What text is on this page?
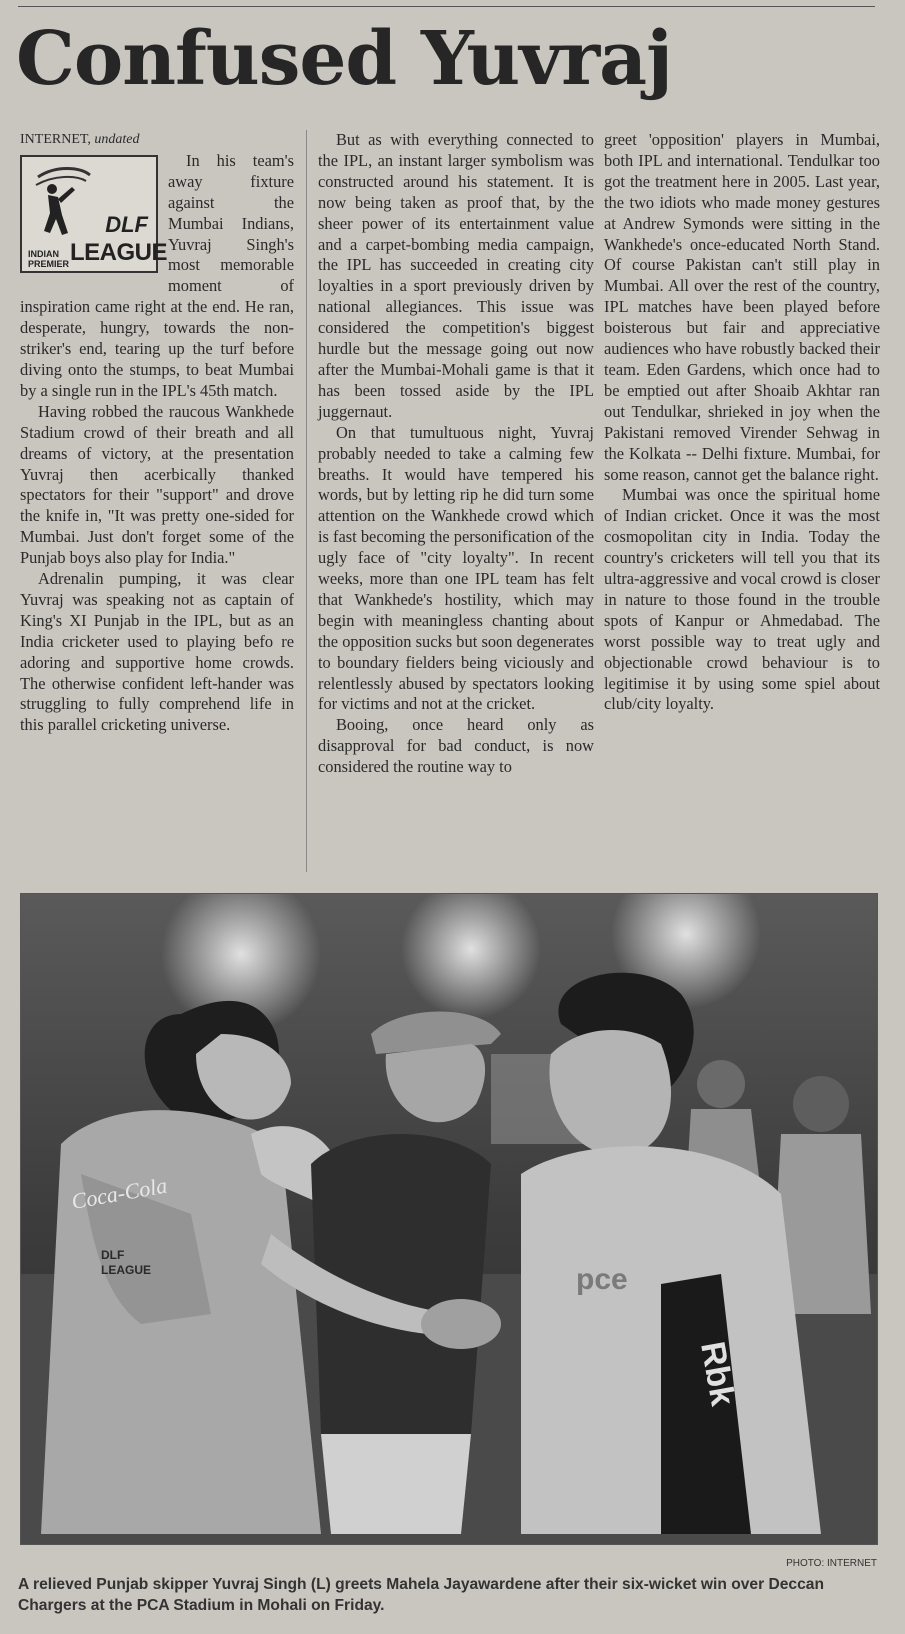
Confused Yuvraj

INTERNET, undated

DLF
INDIAN
PREMIER LEAGUE

In his team's away fixture against the Mumbai Indians, Yuvraj Singh's most memorable moment of inspiration came right at the end. He ran, desperate, hungry, towards the non-striker's end, tearing up the turf before diving onto the stumps, to beat Mumbai by a single run in the IPL's 45th match.

Having robbed the raucous Wankhede Stadium crowd of their breath and all dreams of victory, at the presentation Yuvraj then acerbically thanked spectators for their "support" and drove the knife in, "It was pretty one-sided for Mumbai. Just don't forget some of the Punjab boys also play for India."

Adrenalin pumping, it was clear Yuvraj was speaking not as captain of King's XI Punjab in the IPL, but as an India cricketer used to playing befo re adoring and supportive home crowds. The otherwise confident left-hander was struggling to fully comprehend life in this parallel cricketing universe.

But as with everything connected to the IPL, an instant larger symbolism was constructed around his statement. It is now being taken as proof that, by the sheer power of its entertainment value and a carpet-bombing media campaign, the IPL has succeeded in creating city loyalties in a sport previously driven by national allegiances. This issue was considered the competition's biggest hurdle but the message going out now after the Mumbai-Mohali game is that it has been tossed aside by the IPL juggernaut.

On that tumultuous night, Yuvraj probably needed to take a calming few breaths. It would have tempered his words, but by letting rip he did turn some attention on the Wankhede crowd which is fast becoming the personification of the ugly face of "city loyalty". In recent weeks, more than one IPL team has felt that Wankhede's hostility, which may begin with meaningless chanting about the opposition sucks but soon degenerates to boundary fielders being viciously and relentlessly abused by spectators looking for victims and not at the cricket.

Booing, once heard only as disapproval for bad conduct, is now considered the routine way to

greet 'opposition' players in Mumbai, both IPL and international. Tendulkar too got the treatment here in 2005. Last year, the two idiots who made money gestures at Andrew Symonds were sitting in the Wankhede's once-educated North Stand. Of course Pakistan can't still play in Mumbai. All over the rest of the country, IPL matches have been played before boisterous but fair and appreciative audiences who have robustly backed their team. Eden Gardens, which once had to be emptied out after Shoaib Akhtar ran out Tendulkar, shrieked in joy when the Pakistani removed Virender Sehwag in the Kolkata -- Delhi fixture. Mumbai, for some reason, cannot get the balance right.

Mumbai was once the spiritual home of Indian cricket. Once it was the most cosmopolitan city in India. Today the country's cricketers will tell you that its ultra-aggressive and vocal crowd is closer in nature to those found in the trouble spots of Kanpur or Ahmedabad. The worst possible way to treat ugly and objectionable crowd behaviour is to legitimise it by using some spiel about club/city loyalty.

Rbk
pce
Coca-Cola
DLF
LEAGUE
PHOTO: INTERNET
A relieved Punjab skipper Yuvraj Singh (L) greets Mahela Jayawardene after their six-wicket win over Deccan Chargers at the PCA Stadium in Mohali on Friday.
